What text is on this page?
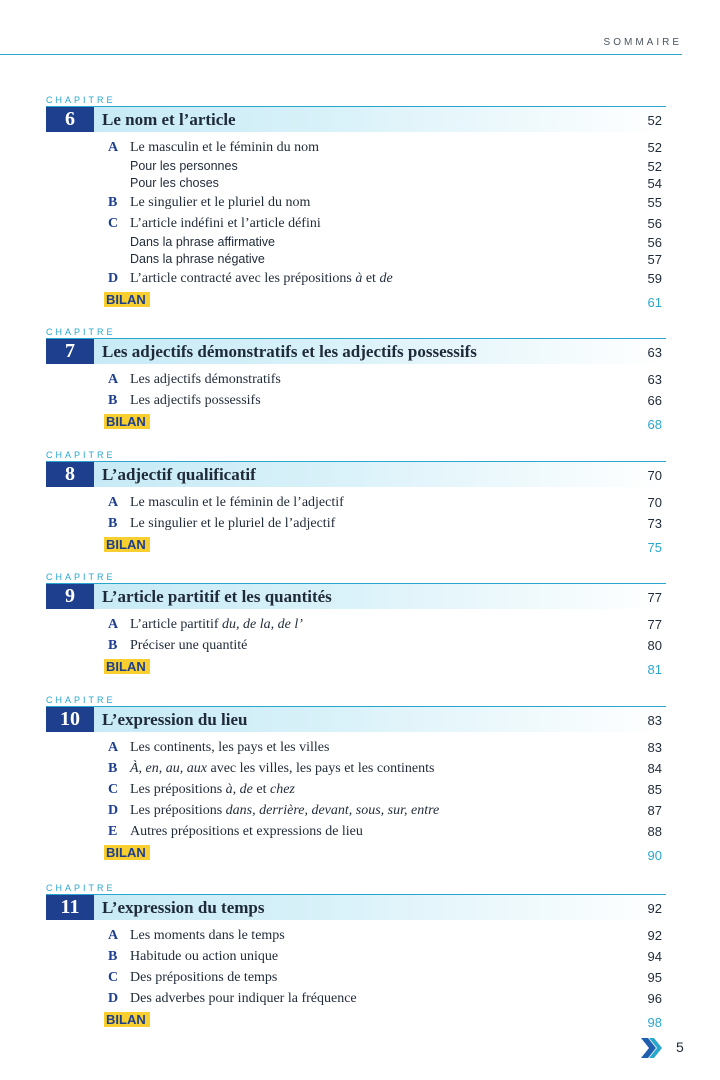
SOMMAIRE
CHAPITRE
6	Le nom et l’article	52
A Le masculin et le féminin du nom	52
Pour les personnes	52
Pour les choses	54
B Le singulier et le pluriel du nom	55
C L’article indéfini et l’article défini	56
Dans la phrase affirmative	56
Dans la phrase négative	57
D L’article contracté avec les prépositions à et de	59
BILAN	61
CHAPITRE
7	Les adjectifs démonstratifs et les adjectifs possessifs	63
A Les adjectifs démonstratifs	63
B Les adjectifs possessifs	66
BILAN	68
CHAPITRE
8	L’adjectif qualificatif	70
A Le masculin et le féminin de l’adjectif	70
B Le singulier et le pluriel de l’adjectif	73
BILAN	75
CHAPITRE
9	L’article partitif et les quantités	77
A L’article partitif du, de la, de l’	77
B Préciser une quantité	80
BILAN	81
CHAPITRE
10	L’expression du lieu	83
A Les continents, les pays et les villes	83
B À, en, au, aux avec les villes, les pays et les continents	84
C Les prépositions à, de et chez	85
D Les prépositions dans, derrière, devant, sous, sur, entre	87
E Autres prépositions et expressions de lieu	88
BILAN	90
CHAPITRE
11	L’expression du temps	92
A Les moments dans le temps	92
B Habitude ou action unique	94
C Des prépositions de temps	95
D Des adverbes pour indiquer la fréquence	96
BILAN	98
5
